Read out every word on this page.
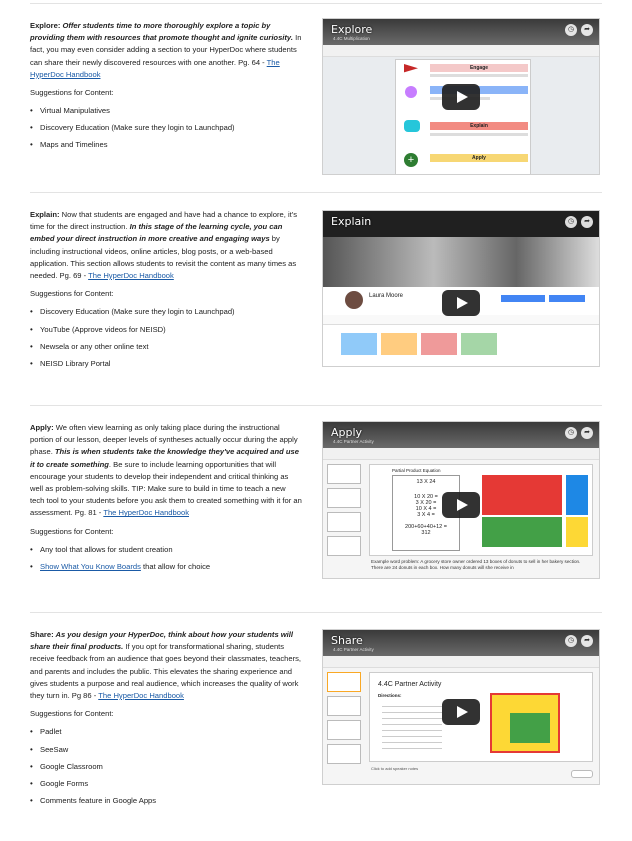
Explore: Offer students time to more thoroughly explore a topic by providing them with resources that promote thought and ignite curiosity. In fact, you may even consider adding a section to your HyperDoc where students can share their newly discovered resources with one another. Pg. 64 - The HyperDoc Handbook

Suggestions for Content:

• Virtual Manipulatives
• Discovery Education (Make sure they login to Launchpad)
• Maps and Timelines
Explore
4.4C Multiplication
◷	➦
Engage
Explain
Apply
+

Explain: Now that students are engaged and have had a chance to explore, it's time for the direct instruction. In this stage of the learning cycle, you can embed your direct instruction in more creative and engaging ways by including instructional videos, online articles, blog posts, or a web-based application. This section allows students to revisit the content as many times as needed. Pg. 69 - The HyperDoc Handbook

Suggestions for Content:

• Discovery Education (Make sure they login to Launchpad)
• YouTube (Approve videos for NEISD)
• Newsela or any other online text
• NEISD Library Portal
Explain	◷	➦
Laura Moore

Apply: We often view learning as only taking place during the instructional portion of our lesson, deeper levels of syntheses actually occur during the apply phase. This is when students take the knowledge they've acquired and use it to create something. Be sure to include learning opportunities that will encourage your students to develop their independent and critical thinking as well as problem-solving skills. TIP: Make sure to build in time to teach a new tech tool to your students before you ask them to created something with it for an assessment. Pg. 81 - The HyperDoc Handbook

Suggestions for Content:

• Any tool that allows for student creation
• Show What You Know Boards that allow for choice
Apply
4.4C Partner Activity
◷	➦
Partial Product Equation
13 X 24
10 X 20 =
3 X 20 =
10 X 4 =
3 X 4 =
200+60+40+12 =
312
Example word problem: A grocery store owner ordered 13 boxes of donuts to sell in her bakery section. There are 24 donuts in each box. How many donuts will she receive in

Share: As you design your HyperDoc, think about how your students will share their final products. If you opt for transformational sharing, students receive feedback from an audience that goes beyond their classmates, teachers, and parents and includes the public. This elevates the sharing experience and gives students a purpose and real audience, which increases the quality of work they turn in. Pg 86 - The HyperDoc Handbook

Suggestions for Content:

• Padlet
• SeeSaw
• Google Classroom
• Google Forms
• Comments feature in Google Apps
Share
4.4C Partner Activity
◷	➦
4.4C Partner Activity
Directions:
Click to add speaker notes
